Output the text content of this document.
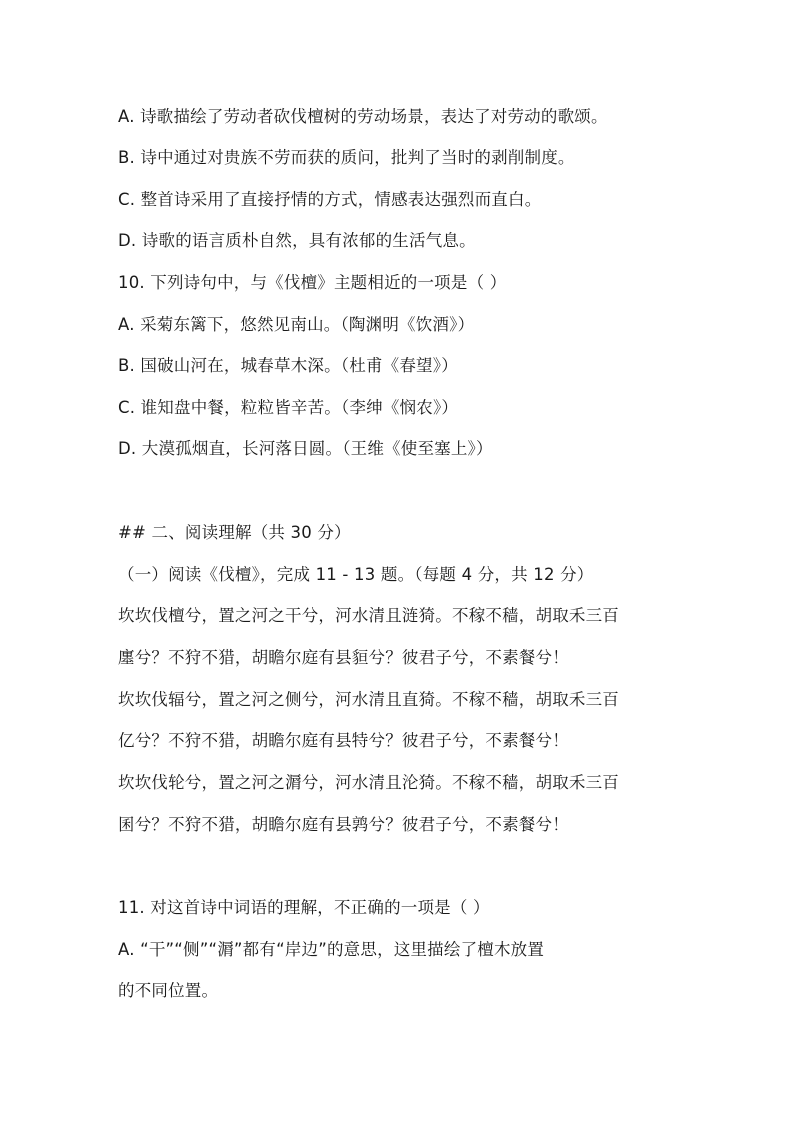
A. 诗歌描绘了劳动者砍伐檀树的劳动场景，表达了对劳动的歌颂。
B. 诗中通过对贵族不劳而获的质问，批判了当时的剥削制度。
C. 整首诗采用了直接抒情的方式，情感表达强烈而直白。
D. 诗歌的语言质朴自然，具有浓郁的生活气息。
10. 下列诗句中，与《伐檀》主题相近的一项是（ ）
A. 采菊东篱下，悠然见南山。（陶渊明《饮酒》）
B. 国破山河在，城春草木深。（杜甫《春望》）
C. 谁知盘中餐，粒粒皆辛苦。（李绅《悯农》）
D. 大漠孤烟直，长河落日圆。（王维《使至塞上》）
## 二、阅读理解（共 30 分）
（一）阅读《伐檀》，完成 11 - 13 题。（每题 4 分，共 12 分）
坎坎伐檀兮，置之河之干兮，河水清且涟猗。不稼不穑，胡取禾三百
廛兮？不狩不猎，胡瞻尔庭有县貆兮？彼君子兮，不素餐兮！
坎坎伐辐兮，置之河之侧兮，河水清且直猗。不稼不穑，胡取禾三百
亿兮？不狩不猎，胡瞻尔庭有县特兮？彼君子兮，不素餐兮！
坎坎伐轮兮，置之河之漘兮，河水清且沦猗。不稼不穑，胡取禾三百
囷兮？不狩不猎，胡瞻尔庭有县鹑兮？彼君子兮，不素餐兮！
11. 对这首诗中词语的理解，不正确的一项是（ ）
A. “干”“侧”“漘”都有“岸边”的意思，这里描绘了檀木放置
的不同位置。
